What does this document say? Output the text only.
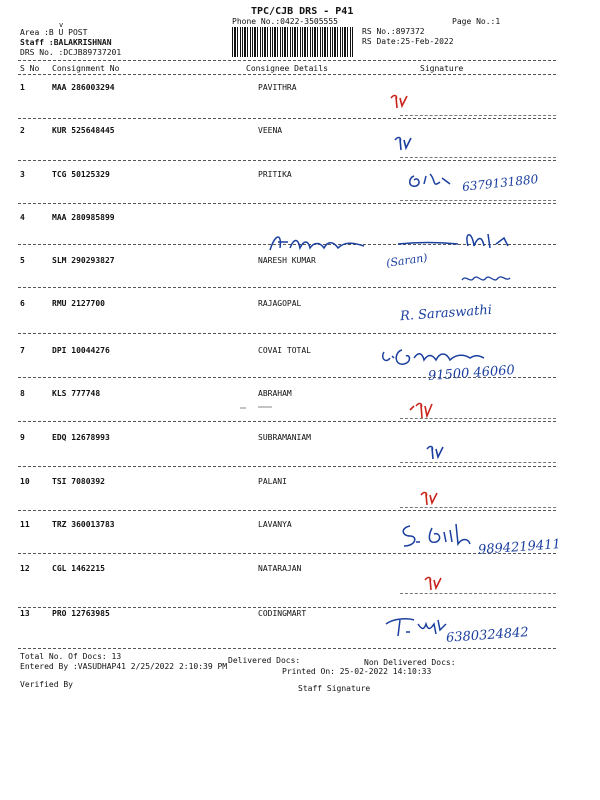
TPC/CJB DRS - P41
Phone No.:0422-3505555	Page No.:1
Area :B U POST
v
Staff :BALAKRISHNAN
DRS No. :DCJB89737201
RS No.:897372
RS Date:25-Feb-2022
S No Consignment No	Consignee Details	Signature
1	MAA 286003294	PAVITHRA
2	KUR 525648445	VEENA
3	TCG 50125329	PRITIKA
4	MAA 280985899
5	SLM 290293827	NARESH KUMAR
6	RMU 2127700	RAJAGOPAL
7	DPI 10044276	COVAI TOTAL
8	KLS 777748	ABRAHAM
9	EDQ 12678993	SUBRAMANIAM
10	TSI 7080392	PALANI
11	TRZ 360013783	LAVANYA
12	CGL 1462215	NATARAJAN
13	PRO 12763985	CODINGMART
6379131880
(Saran)
R. Saraswathi
91500 46060
9894219411
6380324842
Total No. Of Docs: 13	Delivered Docs:	Non Delivered Docs:
Entered By :VASUDHAP41 2/25/2022 2:10:39 PM
Printed On: 25-02-2022 14:10:33
Verified By	Staff Signature
